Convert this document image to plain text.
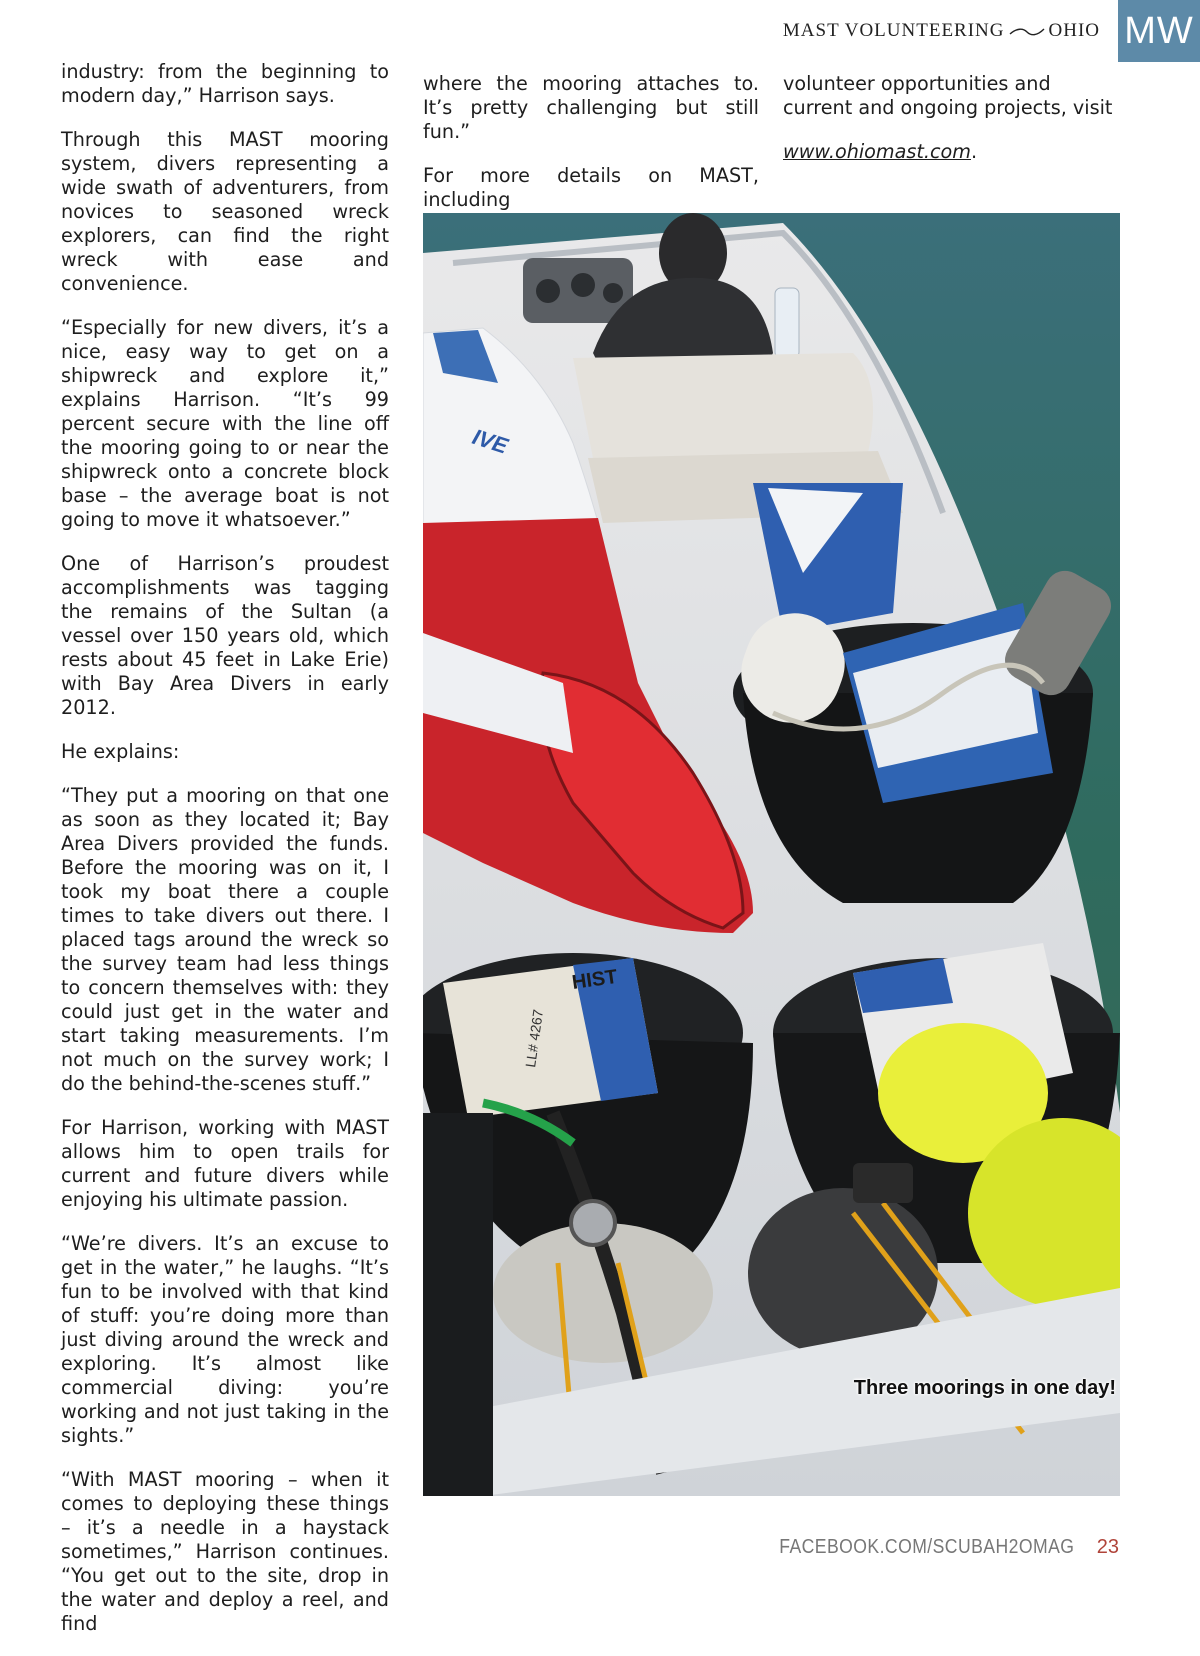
MAST VOLUNTEERING OHIO MW

industry: from the beginning to modern day,” Harrison says.

Through this MAST mooring system, divers representing a wide swath of adventurers, from novices to seasoned wreck explorers, can find the right wreck with ease and convenience.

“Especially for new divers, it’s a nice, easy way to get on a shipwreck and explore it,” explains Harrison. “It’s 99 percent secure with the line off the mooring going to or near the shipwreck onto a concrete block base – the average boat is not going to move it whatsoever.”

One of Harrison’s proudest accomplishments was tagging the remains of the Sultan (a vessel over 150 years old, which rests about 45 feet in Lake Erie) with Bay Area Divers in early 2012.

He explains:

“They put a mooring on that one as soon as they located it; Bay Area Divers provided the funds. Before the mooring was on it, I took my boat there a couple times to take divers out there. I placed tags around the wreck so the survey team had less things to concern themselves with: they could just get in the water and start taking measurements. I’m not much on the survey work; I do the behind-the-scenes stuff.”

For Harrison, working with MAST allows him to open trails for current and future divers while enjoying his ultimate passion.

“We’re divers. It’s an excuse to get in the water,” he laughs. “It’s fun to be involved with that kind of stuff: you’re doing more than just diving around the wreck and exploring. It’s almost like commercial diving: you’re working and not just taking in the sights.”

“With MAST mooring – when it comes to deploying these things – it’s a needle in a haystack sometimes,” Harrison continues. “You get out to the site, drop in the water and deploy a reel, and find

where the mooring attaches to. It’s pretty challenging but still fun.”

For more details on MAST, including

volunteer opportunities and current and ongoing projects, visit

www.ohiomast.com.

IVE
HIST
LL# 4267
Three moorings in one day!
FACEBOOK.COM/SCUBAH2OMAG 23
